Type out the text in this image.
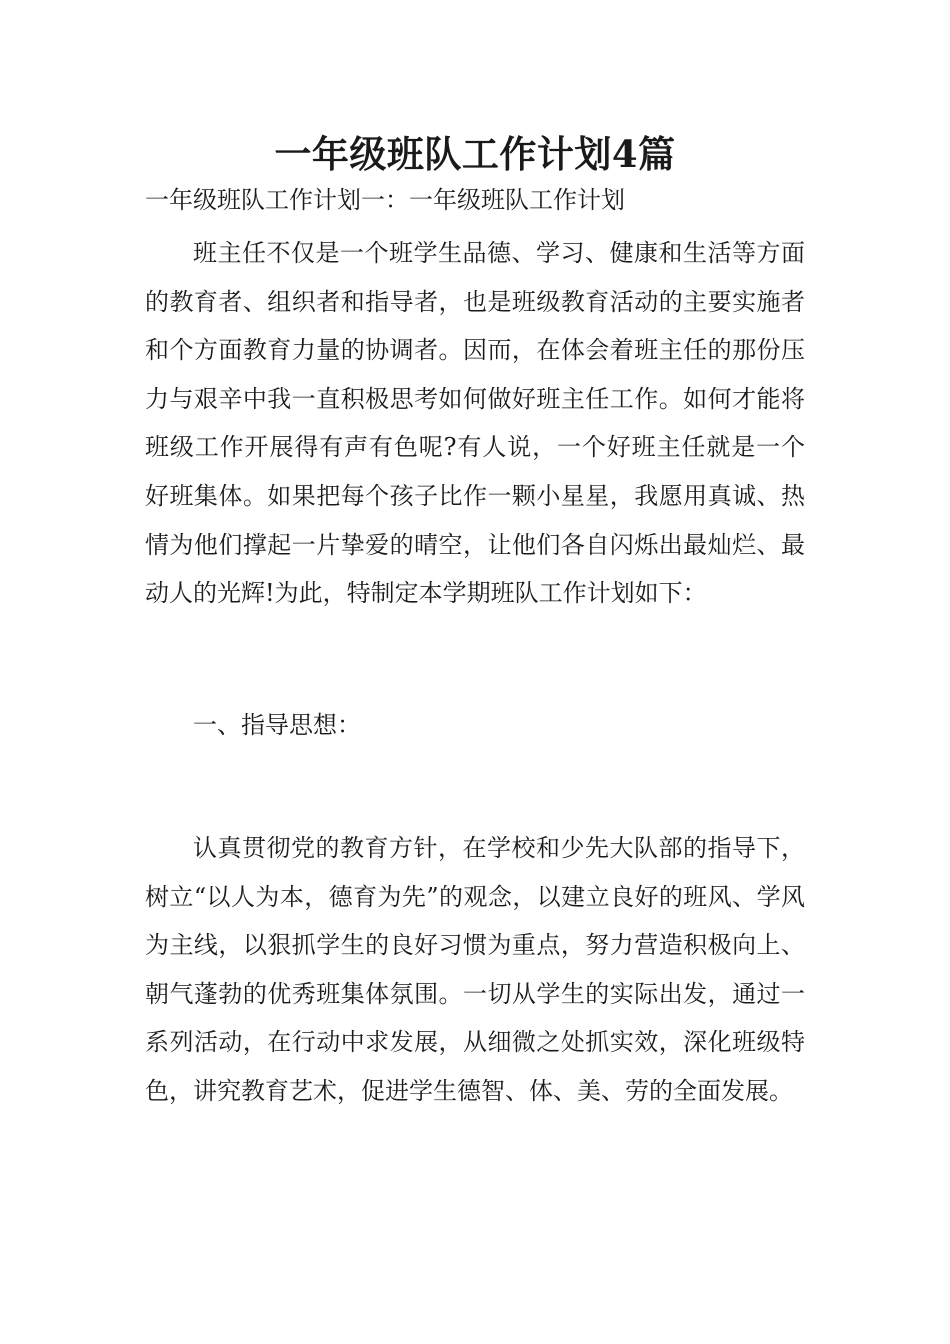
一年级班队工作计划4篇

一年级班队工作计划一：一年级班队工作计划

班主任不仅是一个班学生品德、学习、健康和生活等方面的教育者、组织者和指导者，也是班级教育活动的主要实施者和个方面教育力量的协调者。因而，在体会着班主任的那份压力与艰辛中我一直积极思考如何做好班主任工作。如何才能将班级工作开展得有声有色呢?有人说，一个好班主任就是一个好班集体。如果把每个孩子比作一颗小星星，我愿用真诚、热情为他们撑起一片挚爱的晴空，让他们各自闪烁出最灿烂、最动人的光辉!为此，特制定本学期班队工作计划如下：

一、指导思想：

认真贯彻党的教育方针，在学校和少先大队部的指导下，树立“以人为本，德育为先”的观念，以建立良好的班风、学风为主线，以狠抓学生的良好习惯为重点，努力营造积极向上、朝气蓬勃的优秀班集体氛围。一切从学生的实际出发，通过一系列活动，在行动中求发展，从细微之处抓实效，深化班级特色，讲究教育艺术，促进学生德智、体、美、劳的全面发展。
